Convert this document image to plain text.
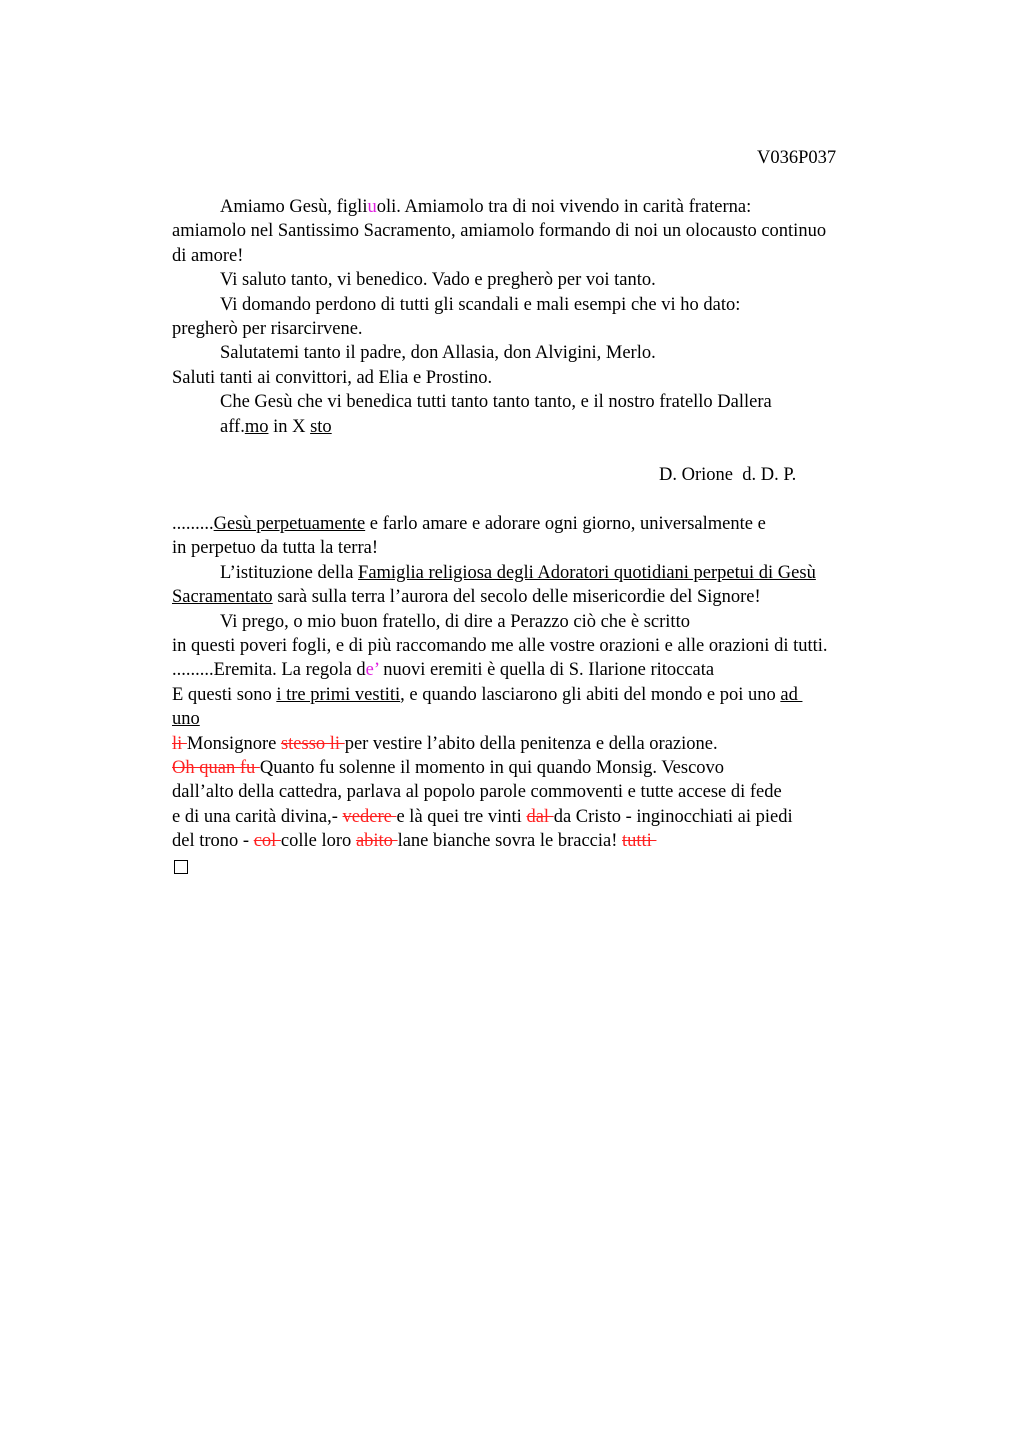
V036P037
Amiamo Gesù, figliuoli. Amiamolo tra di noi vivendo in carità fraterna:
amiamolo nel Santissimo Sacramento, amiamolo formando di noi un olocausto continuo
di amore!
Vi saluto tanto, vi benedico. Vado e pregherò per voi tanto.
Vi domando perdono di tutti gli scandali e mali esempi che vi ho dato:
pregherò per risarcirvene.
Salutatemi tanto il padre, don Allasia, don Alvigini, Merlo.
Saluti tanti ai convittori, ad Elia e Prostino.
Che Gesù che vi benedica tutti tanto tanto tanto, e il nostro fratello Dallera
aff.mo in X sto
D. Orione  d. D. P.
.........Gesù perpetuamente e farlo amare e adorare ogni giorno, universalmente e
in perpetuo da tutta la terra!
L’istituzione della Famiglia religiosa degli Adoratori quotidiani perpetui di Gesù
Sacramentato sarà sulla terra l’aurora del secolo delle misericordie del Signore!
Vi prego, o mio buon fratello, di dire a Perazzo ciò che è scritto
in questi poveri fogli, e di più raccomando me alle vostre orazioni e alle orazioni di tutti.
.........Eremita. La regola de’ nuovi eremiti è quella di S. Ilarione ritoccata
E questi sono i tre primi vestiti, e quando lasciarono gli abiti del mondo e poi uno ad
uno
li Monsignore stesso li per vestire l’abito della penitenza e della orazione.
Oh quan fu Quanto fu solenne il momento in qui quando Monsig. Vescovo
dall’alto della cattedra, parlava al popolo parole commoventi e tutte accese di fede
e di una carità divina,- vedere e là quei tre vinti dal da Cristo - inginocchiati ai piedi
del trono - col colle loro abito lane bianche sovra le braccia! tutti
